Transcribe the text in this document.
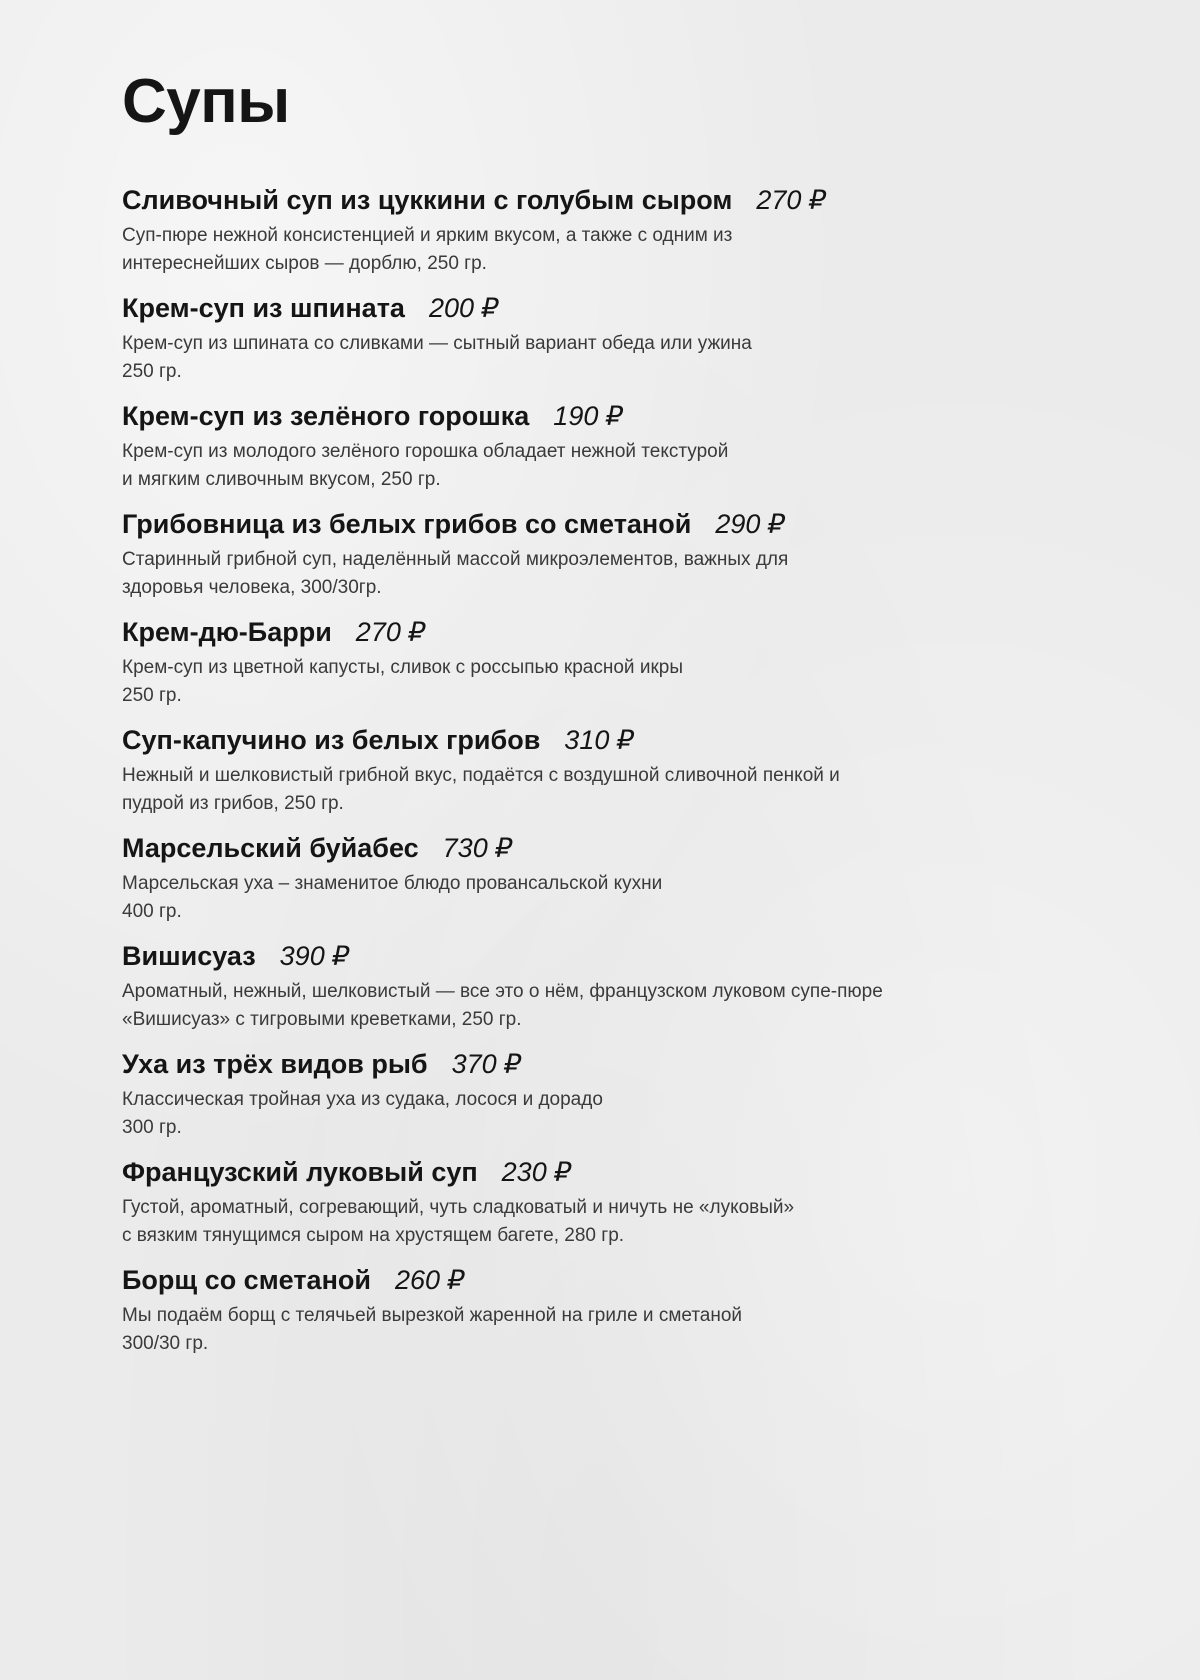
Супы
Сливочный суп из цуккини с голубым сыром 270 ₽
Суп-пюре нежной консистенцией и ярким вкусом, а также с одним из
интереснейших сыров — дорблю, 250 гр.
Крем-суп из шпината 200 ₽
Крем-суп из шпината со сливками — сытный вариант обеда или ужина
250 гр.
Крем-суп из зелёного горошка 190 ₽
Крем-суп из молодого зелёного горошка обладает нежной текстурой
и мягким сливочным вкусом, 250 гр.
Грибовница из белых грибов со сметаной 290 ₽
Старинный грибной суп, наделённый массой микроэлементов, важных для
здоровья человека, 300/30гр.
Крем-дю-Барри 270 ₽
Крем-суп из цветной капусты, сливок с россыпью красной икры
250 гр.
Суп-капучино из белых грибов 310 ₽
Нежный и шелковистый грибной вкус, подаётся с воздушной сливочной пенкой и
пудрой из грибов, 250 гр.
Марсельский буйабес 730 ₽
Марсельская уха – знаменитое блюдо провансальской кухни
400 гр.
Вишисуаз 390 ₽
Ароматный, нежный, шелковистый — все это о нём, французском луковом супе-пюре
«Вишисуаз» с тигровыми креветками, 250 гр.
Уха из трёх видов рыб 370 ₽
Классическая тройная уха из судака, лосося и дорадо
300 гр.
Французский луковый суп 230 ₽
Густой, ароматный, согревающий, чуть сладковатый и ничуть не «луковый»
с вязким тянущимся сыром на хрустящем багете, 280 гр.
Борщ со сметаной 260 ₽
Мы подаём борщ с телячьей вырезкой жаренной на гриле и сметаной
300/30 гр.
